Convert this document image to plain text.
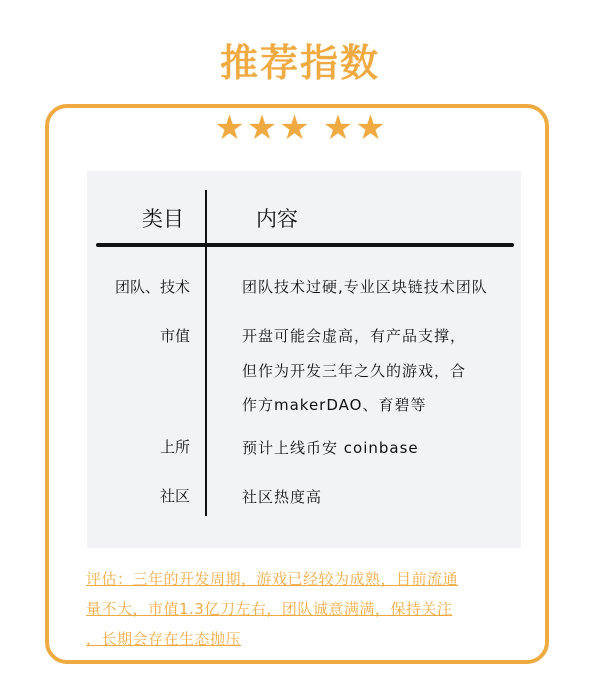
推荐指数
★★★ ★★
类目	内容
团队、技术	团队技术过硬,专业区块链技术团队
市值	开盘可能会虚高，有产品支撑，
但作为开发三年之久的游戏，合
作方makerDAO、育碧等
上所	预计上线币安 coinbase
社区	社区热度高
评估：三年的开发周期，游戏已经较为成熟，目前流通
量不大，市值1.3亿刀左右，团队诚意满满，保持关注
，长期会存在生态抛压
